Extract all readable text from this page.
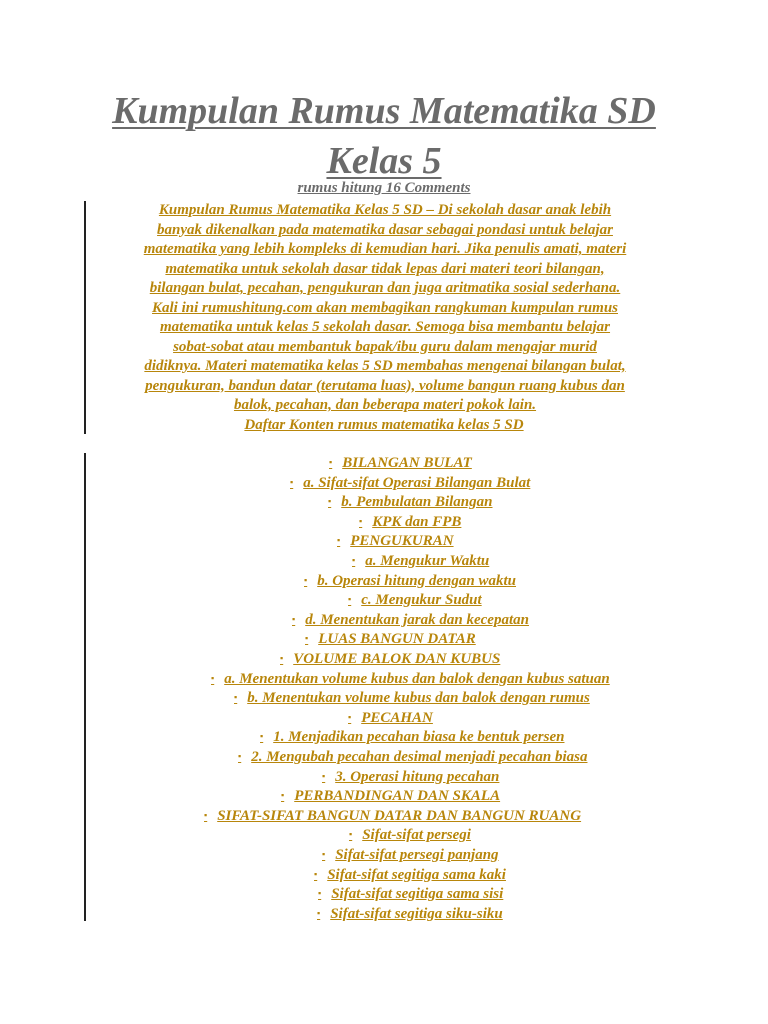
Kumpulan Rumus Matematika SD Kelas 5
rumus hitung 16 Comments
Kumpulan Rumus Matematika Kelas 5 SD – Di sekolah dasar anak lebih
banyak dikenalkan pada matematika dasar sebagai pondasi untuk belajar
matematika yang lebih kompleks di kemudian hari. Jika penulis amati, materi
matematika untuk sekolah dasar tidak lepas dari materi teori bilangan,
bilangan bulat, pecahan, pengukuran dan juga aritmatika sosial sederhana.
Kali ini rumushitung.com akan membagikan rangkuman kumpulan rumus
matematika untuk kelas 5 sekolah dasar. Semoga bisa membantu belajar
sobat-sobat atau membantuk bapak/ibu guru dalam mengajar murid
didiknya. Materi matematika kelas 5 SD membahas mengenai bilangan bulat,
pengukuran, bandun datar (terutama luas), volume bangun ruang kubus dan
balok, pecahan, dan beberapa materi pokok lain.
Daftar Konten rumus matematika kelas 5 SD
▪ BILANGAN BULAT
▪ a. Sifat-sifat Operasi Bilangan Bulat
▪ b. Pembulatan Bilangan
▪ KPK dan FPB
▪ PENGUKURAN
▪ a. Mengukur Waktu
▪ b. Operasi hitung dengan waktu
▪ c. Mengukur Sudut
▪ d. Menentukan jarak dan kecepatan
▪ LUAS BANGUN DATAR
▪ VOLUME BALOK DAN KUBUS
▪ a. Menentukan volume kubus dan balok dengan kubus satuan
▪ b. Menentukan volume kubus dan balok dengan rumus
▪ PECAHAN
▪ 1. Menjadikan pecahan biasa ke bentuk persen
▪ 2. Mengubah pecahan desimal menjadi pecahan biasa
▪ 3. Operasi hitung pecahan
▪ PERBANDINGAN DAN SKALA
▪ SIFAT-SIFAT BANGUN DATAR DAN BANGUN RUANG
▪ Sifat-sifat persegi
▪ Sifat-sifat persegi panjang
▪ Sifat-sifat segitiga sama kaki
▪ Sifat-sifat segitiga sama sisi
▪ Sifat-sifat segitiga siku-siku
